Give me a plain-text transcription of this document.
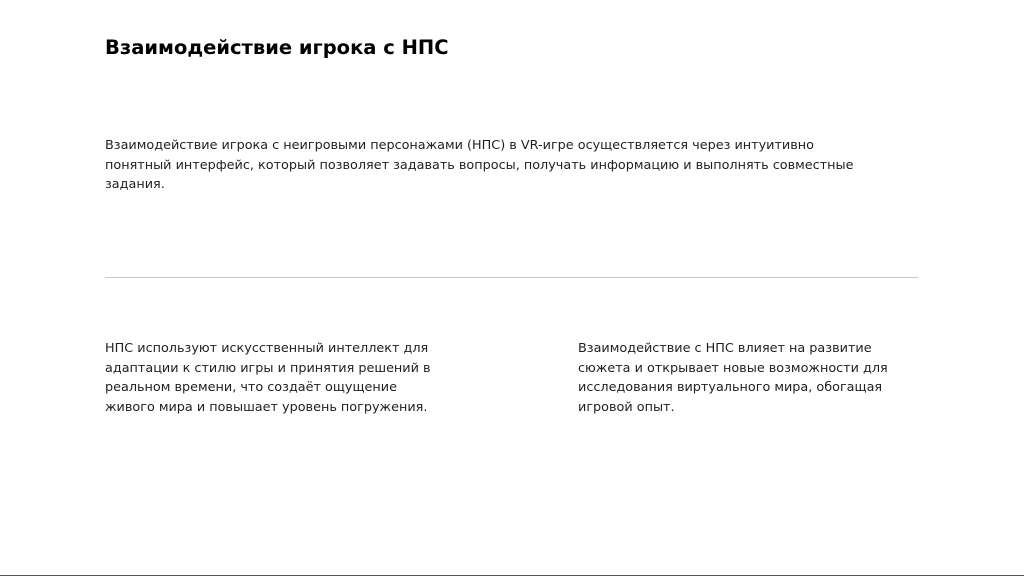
Взаимодействие игрока с НПС

Взаимодействие игрока с неигровыми персонажами (НПС) в VR-игре осуществляется через интуитивно понятный интерфейс, который позволяет задавать вопросы, получать информацию и выполнять совместные задания.

НПС используют искусственный интеллект для адаптации к стилю игры и принятия решений в реальном времени, что создаёт ощущение живого мира и повышает уровень погружения.

Взаимодействие с НПС влияет на развитие сюжета и открывает новые возможности для исследования виртуального мира, обогащая игровой опыт.
